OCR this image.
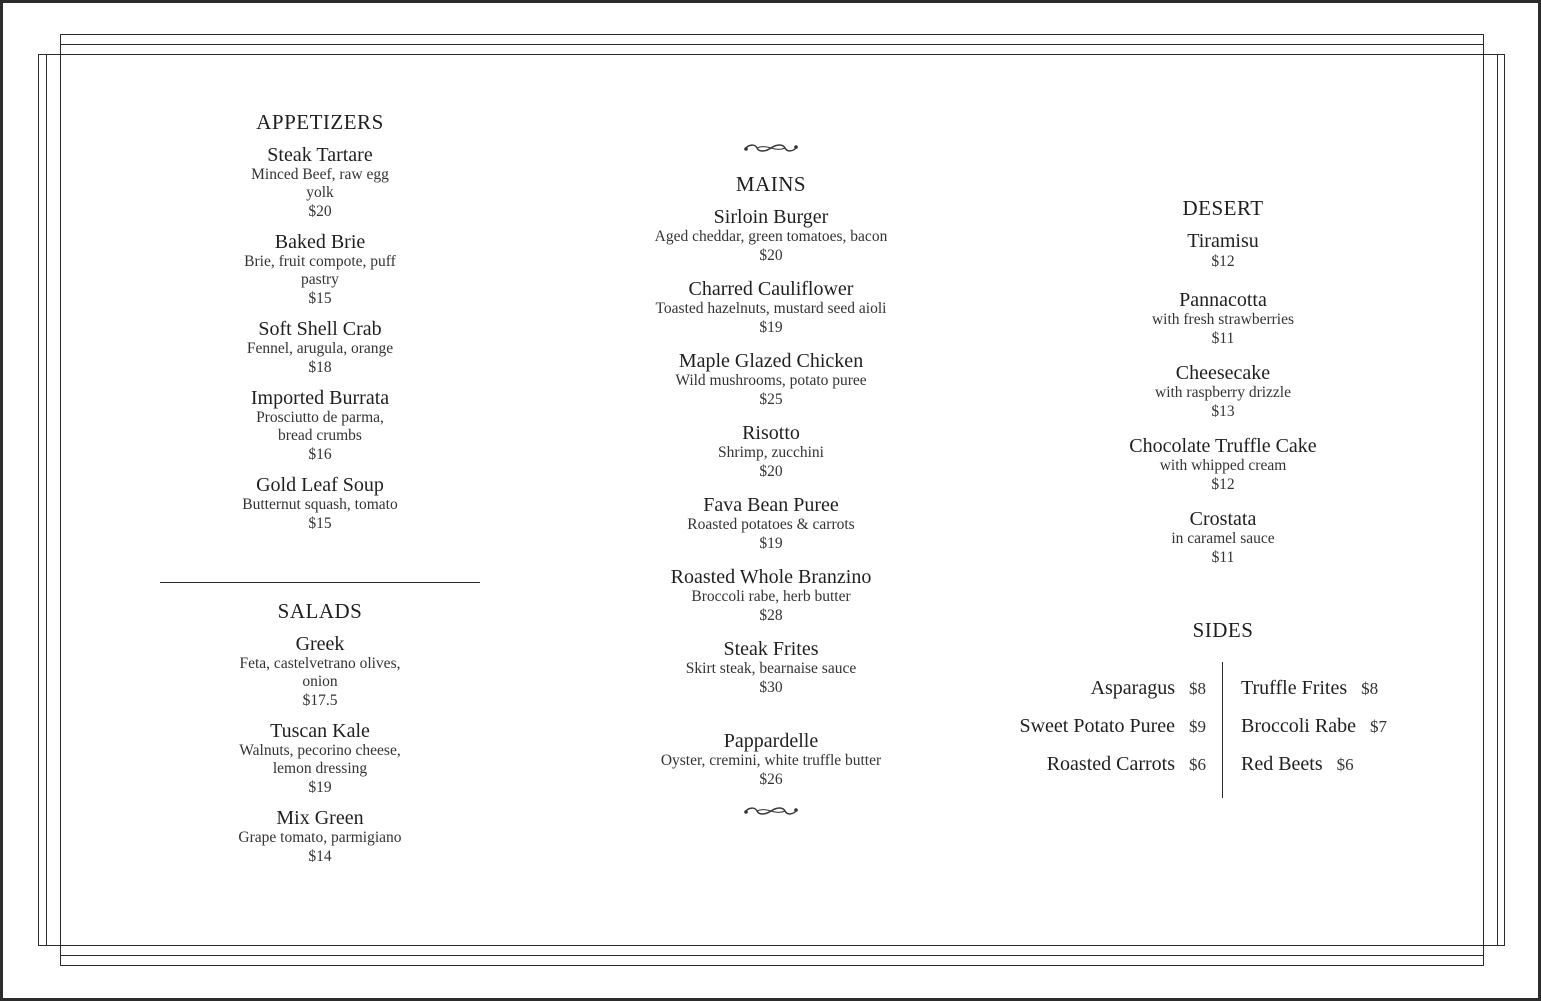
APPETIZERS
Steak Tartare
Minced Beef, raw egg yolk
$20
Baked Brie
Brie, fruit compote, puff pastry
$15
Soft Shell Crab
Fennel, arugula, orange
$18
Imported Burrata
Prosciutto de parma, bread crumbs
$16
Gold Leaf Soup
Butternut squash, tomato
$15
SALADS
Greek
Feta, castelvetrano olives, onion
$17.5
Tuscan Kale
Walnuts, pecorino cheese, lemon dressing
$19
Mix Green
Grape tomato, parmigiano
$14
MAINS
Sirloin Burger
Aged cheddar, green tomatoes, bacon
$20
Charred Cauliflower
Toasted hazelnuts, mustard seed aioli
$19
Maple Glazed Chicken
Wild mushrooms, potato puree
$25
Risotto
Shrimp, zucchini
$20
Fava Bean Puree
Roasted potatoes & carrots
$19
Roasted Whole Branzino
Broccoli rabe, herb butter
$28
Steak Frites
Skirt steak, bearnaise sauce
$30
Pappardelle
Oyster, cremini, white truffle butter
$26
DESERT
Tiramisu
$12
Pannacotta
with fresh strawberries
$11
Cheesecake
with raspberry drizzle
$13
Chocolate Truffle Cake
with whipped cream
$12
Crostata
in caramel sauce
$11
SIDES
Asparagus $8
Sweet Potato Puree $9
Roasted Carrots $6
Truffle Frites $8
Broccoli Rabe $7
Red Beets $6
